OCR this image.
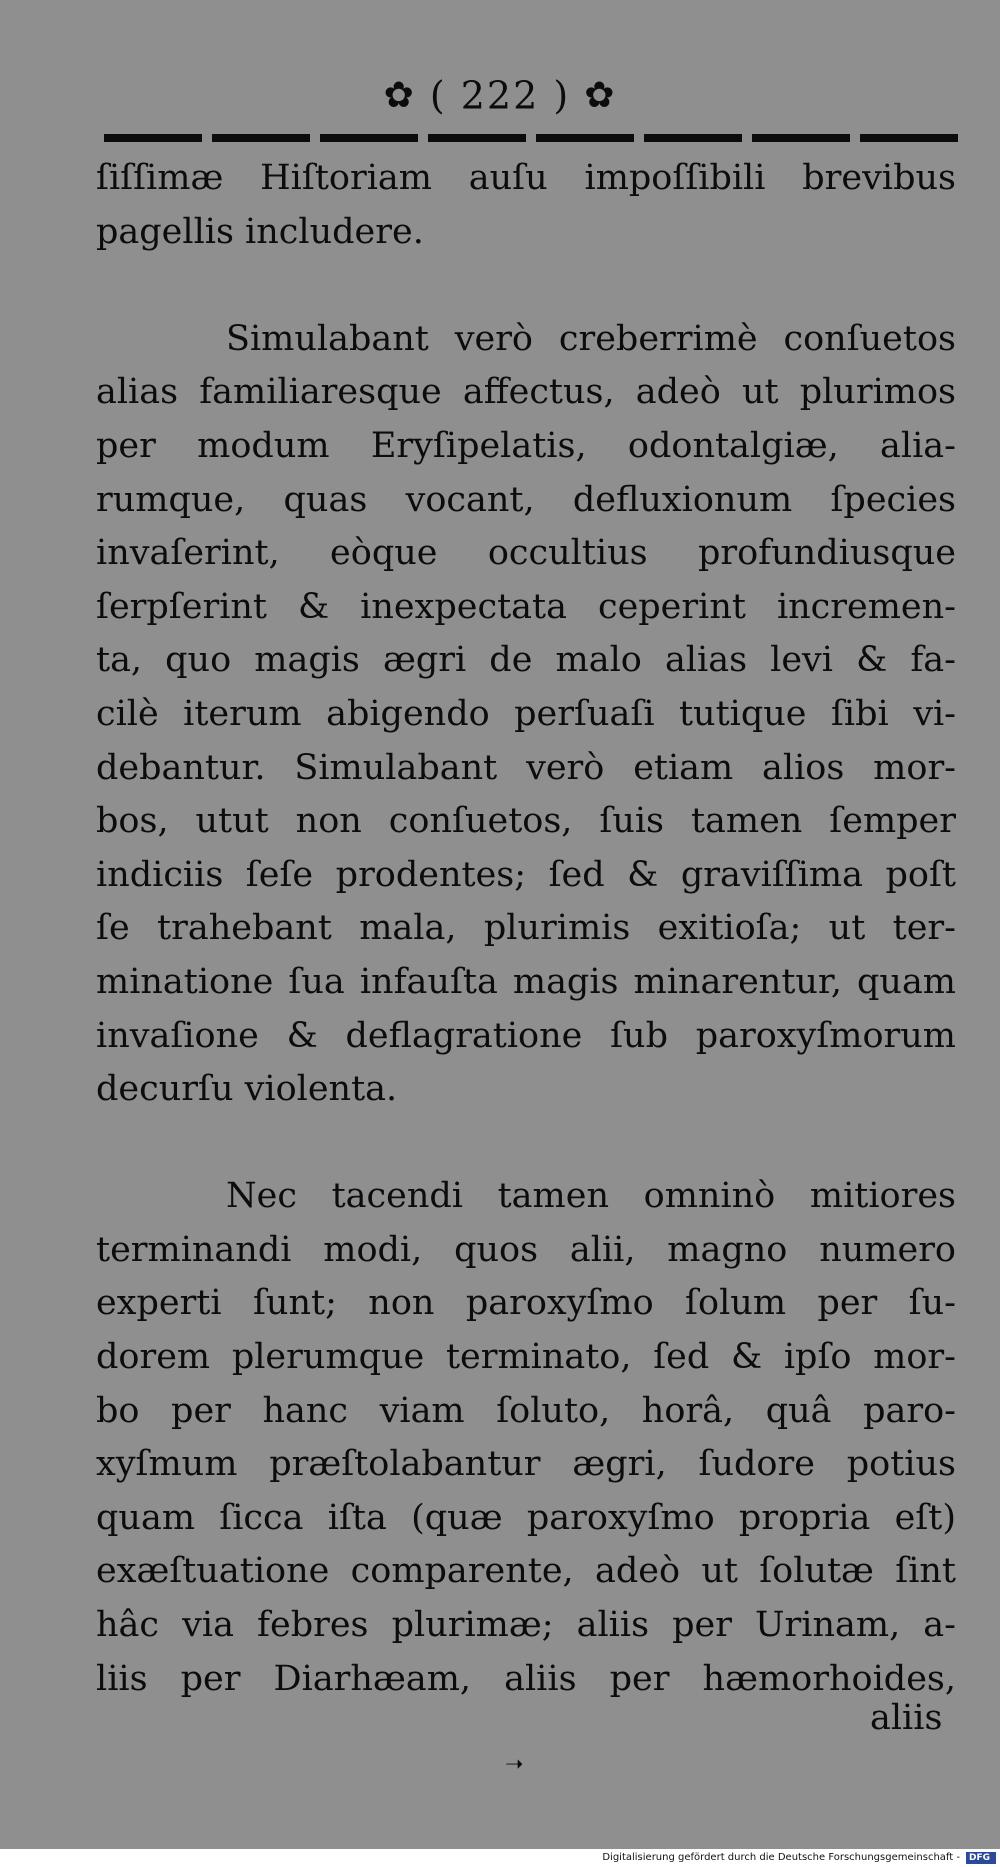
✿ ( 222 ) ✿
ſiſſimæ Hiſtoriam auſu impoſſibili brevibus
pagellis includere.
Simulabant verò creberrimè conſuetos
alias familiaresque affectus, adeò ut plurimos
per modum Eryſipelatis, odontalgiæ, alia-
rumque, quas vocant, defluxionum ſpecies
invaſerint, eòque occultius profundiusque
ſerpſerint & inexpectata ceperint incremen-
ta, quo magis ægri de malo alias levi & fa-
cilè iterum abigendo perſuaſi tutique ſibi vi-
debantur. Simulabant verò etiam alios mor-
bos, utut non conſuetos, ſuis tamen ſemper
indiciis ſeſe prodentes; ſed & graviſſima poſt
ſe trahebant mala, plurimis exitioſa; ut ter-
minatione ſua infauſta magis minarentur, quam
invaſione & deflagratione ſub paroxyſmorum
decurſu violenta.
Nec tacendi tamen omninò mitiores
terminandi modi, quos alii, magno numero
experti ſunt; non paroxyſmo ſolum per ſu-
dorem plerumque terminato, ſed & ipſo mor-
bo per hanc viam ſoluto, horâ, quâ paro-
xyſmum præſtolabantur ægri, ſudore potius
quam ſicca iſta (quæ paroxyſmo propria eſt)
exæſtuatione comparente, adeò ut ſolutæ ſint
hâc via febres plurimæ; aliis per Urinam, a-
liis per Diarhæam, aliis per hæmorhoides,
aliis
➝
Digitalisierung gefördert durch die Deutsche Forschungsgemeinschaft - DFG
